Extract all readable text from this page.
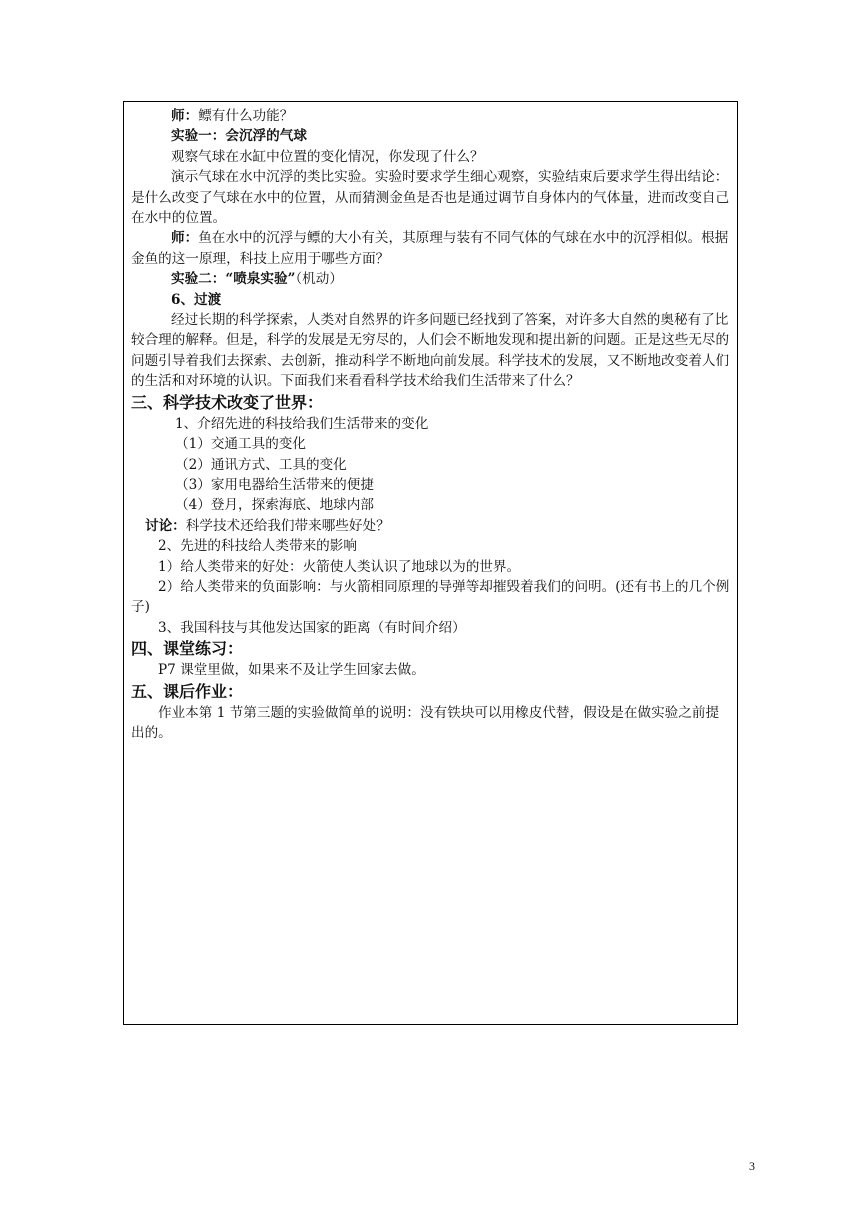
师：鳔有什么功能？

实验一：会沉浮的气球

观察气球在水缸中位置的变化情况，你发现了什么？

演示气球在水中沉浮的类比实验。实验时要求学生细心观察，实验结束后要求学生得出结论：是什么改变了气球在水中的位置，从而猜测金鱼是否也是通过调节自身体内的气体量，进而改变自己在水中的位置。

师：鱼在水中的沉浮与鳔的大小有关，其原理与装有不同气体的气球在水中的沉浮相似。根据金鱼的这一原理，科技上应用于哪些方面？

实验二：“喷泉实验”（机动）

6、过渡

经过长期的科学探索，人类对自然界的许多问题已经找到了答案，对许多大自然的奥秘有了比较合理的解释。但是，科学的发展是无穷尽的，人们会不断地发现和提出新的问题。正是这些无尽的问题引导着我们去探索、去创新，推动科学不断地向前发展。科学技术的发展，又不断地改变着人们的生活和对环境的认识。下面我们来看看科学技术给我们生活带来了什么？

三、科学技术改变了世界：

1、介绍先进的科技给我们生活带来的变化

（1）交通工具的变化

（2）通讯方式、工具的变化

（3）家用电器给生活带来的便捷

（4）登月，探索海底、地球内部

讨论：科学技术还给我们带来哪些好处？

2、先进的科技给人类带来的影响

1）给人类带来的好处：火箭使人类认识了地球以为的世界。

2）给人类带来的负面影响：与火箭相同原理的导弹等却摧毁着我们的问明。(还有书上的几个例子)

3、我国科技与其他发达国家的距离（有时间介绍）

四、课堂练习：

P7 课堂里做，如果来不及让学生回家去做。

五、课后作业：

作业本第 1 节第三题的实验做简单的说明：没有铁块可以用橡皮代替，假设是在做实验之前提出的。

3
